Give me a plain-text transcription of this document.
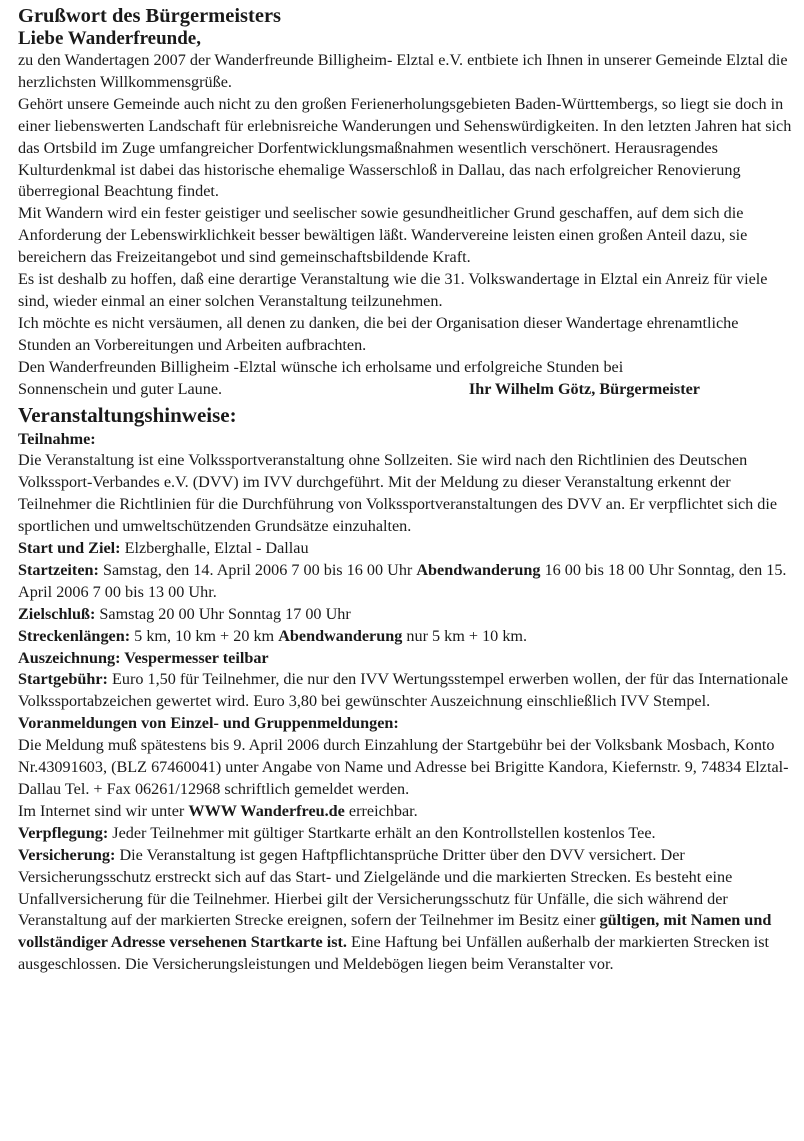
Grußwort des Bürgermeisters
Liebe Wanderfreunde,

zu den Wandertagen 2007 der Wanderfreunde Billigheim- Elztal e.V. entbiete ich Ihnen in unserer Gemeinde Elztal die herzlichsten Willkommensgrüße.

Gehört unsere Gemeinde auch nicht zu den großen Ferienerholungsgebieten Baden-Württembergs, so liegt sie doch in einer liebenswerten Landschaft für erlebnisreiche Wanderungen und Sehenswürdigkeiten. In den letzten Jahren hat sich das Ortsbild im Zuge umfangreicher Dorfentwicklungsmaßnahmen wesentlich verschönert. Herausragendes Kulturdenkmal ist dabei das historische ehemalige Wasserschloß in Dallau, das nach erfolgreicher Renovierung überregional Beachtung findet.

Mit Wandern wird ein fester geistiger und seelischer sowie gesundheitlicher Grund geschaffen, auf dem sich die Anforderung der Lebenswirklichkeit besser bewältigen läßt. Wandervereine leisten einen großen Anteil dazu, sie bereichern das Freizeitangebot und sind gemeinschaftsbildende Kraft.

Es ist deshalb zu hoffen, daß eine derartige Veranstaltung wie die 31. Volkswandertage in Elztal ein Anreiz für viele sind, wieder einmal an einer solchen Veranstaltung teilzunehmen.

Ich möchte es nicht versäumen, all denen zu danken, die bei der Organisation dieser Wandertage ehrenamtliche Stunden an Vorbereitungen und Arbeiten aufbrachten.

Den Wanderfreunden Billigheim -Elztal wünsche ich erholsame und erfolgreiche Stunden bei

Sonnenschein und guter Laune.	Ihr Wilhelm Götz, Bürgermeister
Veranstaltungshinweise:

Teilnahme:

Die Veranstaltung ist eine Volkssportveranstaltung ohne Sollzeiten. Sie wird nach den Richtlinien des Deutschen Volkssport-Verbandes e.V. (DVV) im IVV durchgeführt. Mit der Meldung zu dieser Veranstaltung erkennt der Teilnehmer die Richtlinien für die Durchführung von Volkssportveranstaltungen des DVV an. Er verpflichtet sich die sportlichen und umweltschützenden Grundsätze einzuhalten.

Start und Ziel: Elzberghalle, Elztal - Dallau

Startzeiten: Samstag, den 14. April 2006 7 00 bis 16 00 Uhr Abendwanderung 16 00 bis 18 00 Uhr Sonntag, den 15. April 2006 7 00 bis 13 00 Uhr.

Zielschluß: Samstag 20 00 Uhr Sonntag 17 00 Uhr

Streckenlängen: 5 km, 10 km + 20 km Abendwanderung nur 5 km + 10 km.

Auszeichnung: Vespermesser teilbar

Startgebühr: Euro 1,50 für Teilnehmer, die nur den IVV Wertungsstempel erwerben wollen, der für das Internationale Volkssportabzeichen gewertet wird. Euro 3,80 bei gewünschter Auszeichnung einschließlich IVV Stempel.

Voranmeldungen von Einzel- und Gruppenmeldungen:

Die Meldung muß spätestens bis 9. April 2006 durch Einzahlung der Startgebühr bei der Volksbank Mosbach, Konto Nr.43091603, (BLZ 67460041) unter Angabe von Name und Adresse bei Brigitte Kandora, Kiefernstr. 9, 74834 Elztal-Dallau Tel. + Fax 06261/12968 schriftlich gemeldet werden.

Im Internet sind wir unter WWW Wanderfreu.de erreichbar.

Verpflegung: Jeder Teilnehmer mit gültiger Startkarte erhält an den Kontrollstellen kostenlos Tee.

Versicherung: Die Veranstaltung ist gegen Haftpflichtansprüche Dritter über den DVV versichert. Der Versicherungsschutz erstreckt sich auf das Start- und Zielgelände und die markierten Strecken. Es besteht eine Unfallversicherung für die Teilnehmer. Hierbei gilt der Versicherungsschutz für Unfälle, die sich während der Veranstaltung auf der markierten Strecke ereignen, sofern der Teilnehmer im Besitz einer gültigen, mit Namen und vollständiger Adresse versehenen Startkarte ist. Eine Haftung bei Unfällen außerhalb der markierten Strecken ist ausgeschlossen. Die Versicherungsleistungen und Meldebögen liegen beim Veranstalter vor.
